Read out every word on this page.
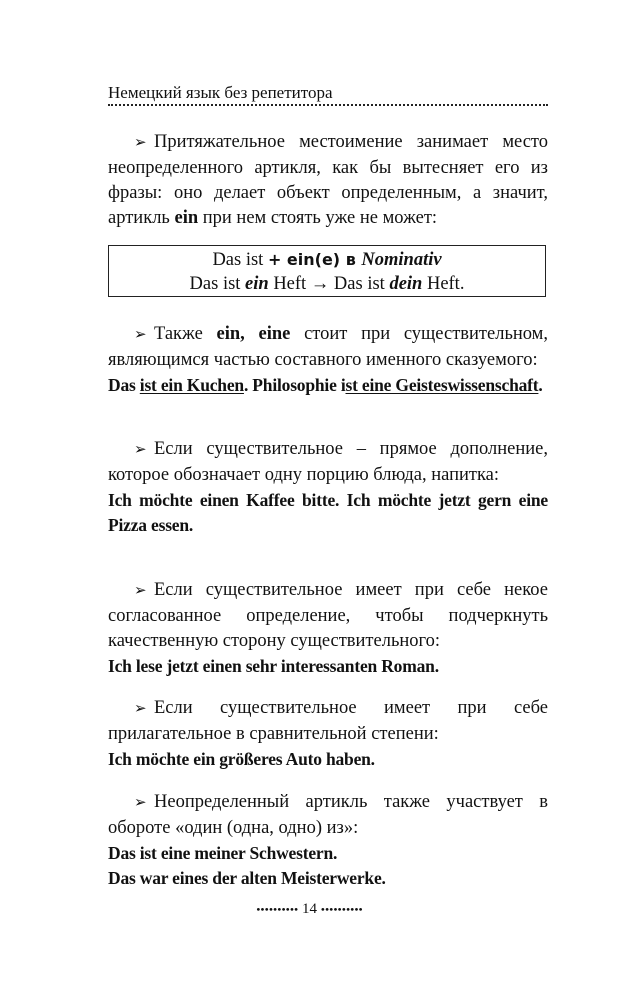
Немецкий язык без репетитора

➢ Притяжательное местоимение занимает место неопределенного артикля, как бы вытесняет его из фразы: оно делает объект определенным, а значит, артикль ein при нем стоять уже не может:

Das ist + ein(e) в Nominativ
Das ist ein Heft → Das ist dein Heft.

➢ Также ein, eine стоит при существительном, являющимся частью составного именного сказуемого:

Das ist ein Kuchen. Philosophie ist eine Geisteswissenschaft.

➢ Если существительное – прямое дополнение, которое обозначает одну порцию блюда, напитка:

Ich möchte einen Kaffee bitte. Ich möchte jetzt gern eine Pizza essen.

➢ Если существительное имеет при себе некое согласованное определение, чтобы подчеркнуть качественную сторону существительного:

Ich lese jetzt einen sehr interessanten Roman.

➢ Если существительное имеет при себе прилагательное в сравнительной степени:

Ich möchte ein größeres Auto haben.

➢ Неопределенный артикль также участвует в обороте «один (одна, одно) из»:

Das ist eine meiner Schwestern.

Das war eines der alten Meisterwerke.

•••••••••• 14 ••••••••••
